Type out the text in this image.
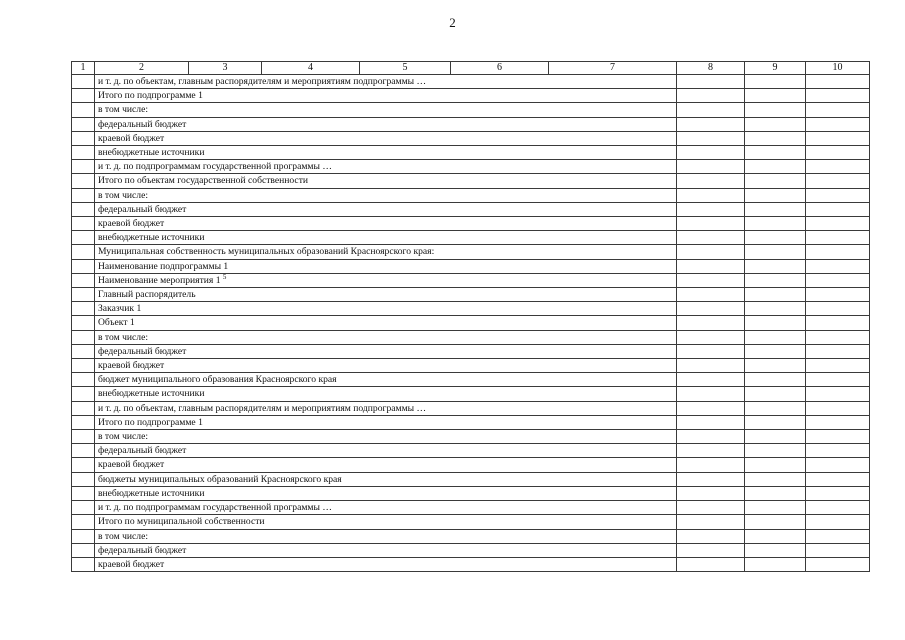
2
1	2	3	4	5	6	7	8	9	10
	и т. д. по объектам, главным распорядителям и мероприятиям подпрограммы …								
	Итого по подпрограмме 1								
	в том числе:								
	федеральный бюджет								
	краевой бюджет								
	внебюджетные источники								
	и т. д. по подпрограммам государственной программы …								
	Итого по объектам государственной собственности								
	в том числе:								
	федеральный бюджет								
	краевой бюджет								
	внебюджетные источники								
	Муниципальная собственность муниципальных образований Красноярского края:								
	Наименование подпрограммы 1								
	Наименование мероприятия 1 $^5$			
	Главный распорядитель								
	Заказчик 1								
	Объект 1								
	в том числе:								
	федеральный бюджет								
	краевой бюджет								
	бюджет муниципального образования Красноярского края								
	внебюджетные источники								
	и т. д. по объектам, главным распорядителям и мероприятиям подпрограммы …								
	Итого по подпрограмме 1								
	в том числе:								
	федеральный бюджет								
	краевой бюджет								
	бюджеты муниципальных образований Красноярского края								
	внебюджетные источники								
	и т. д. по подпрограммам государственной программы …								
	Итого по муниципальной собственности								
	в том числе:								
	федеральный бюджет								
	краевой бюджет								
